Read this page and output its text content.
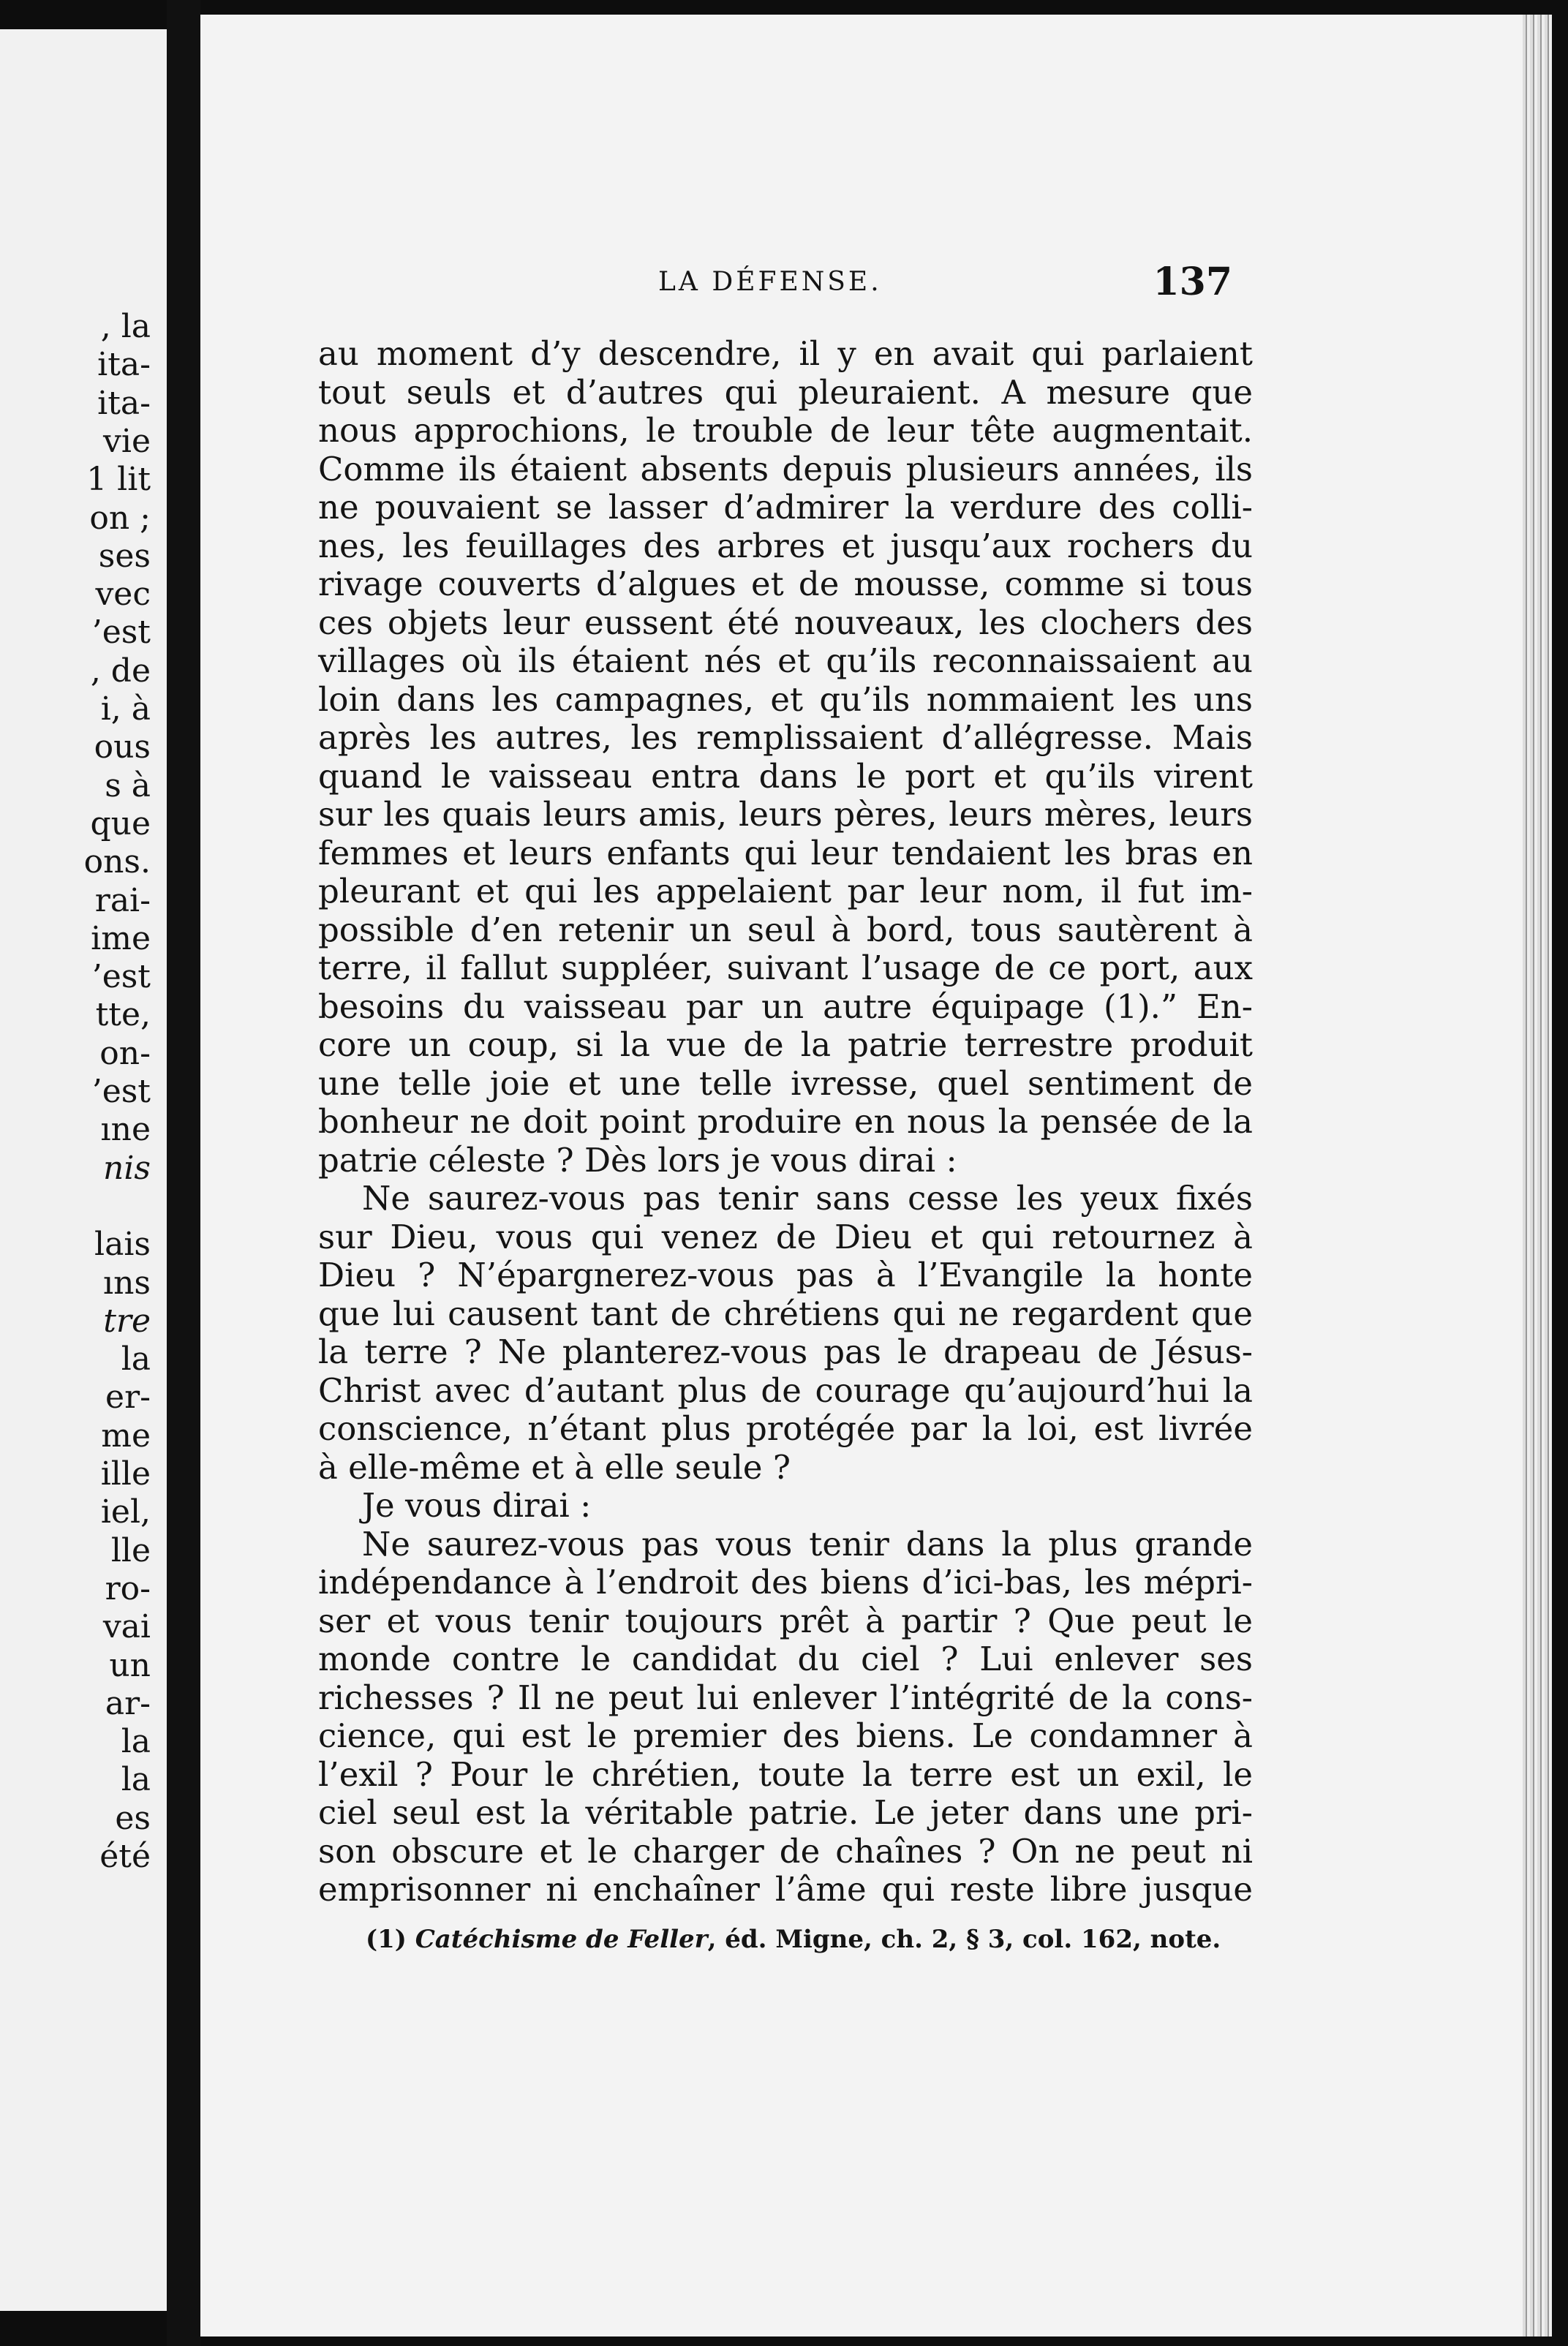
, la
ita-
ita-
vie
1 lit
on ;
ses
vec
’est
, de
i, à
ous
s à
que
ons.
rai-
ime
’est
tte,
on-
’est
ıne
nis
lais
ıns
tre
la
er-
me
ille
iel,
lle
ro-
vai
un
ar-
la
la
es
été
LA DÉFENSE.	137
au moment d’y descendre, il y en avait qui parlaient
tout seuls et d’autres qui pleuraient. A mesure que
nous approchions, le trouble de leur tête augmentait.
Comme ils étaient absents depuis plusieurs années, ils
ne pouvaient se lasser d’admirer la verdure des colli-
nes, les feuillages des arbres et jusqu’aux rochers du
rivage couverts d’algues et de mousse, comme si tous
ces objets leur eussent été nouveaux, les clochers des
villages où ils étaient nés et qu’ils reconnaissaient au
loin dans les campagnes, et qu’ils nommaient les uns
après les autres, les remplissaient d’allégresse. Mais
quand le vaisseau entra dans le port et qu’ils virent
sur les quais leurs amis, leurs pères, leurs mères, leurs
femmes et leurs enfants qui leur tendaient les bras en
pleurant et qui les appelaient par leur nom, il fut im-
possible d’en retenir un seul à bord, tous sautèrent à
terre, il fallut suppléer, suivant l’usage de ce port, aux
besoins du vaisseau par un autre équipage (1).” En-
core un coup, si la vue de la patrie terrestre produit
une telle joie et une telle ivresse, quel sentiment de
bonheur ne doit point produire en nous la pensée de la
patrie céleste ? Dès lors je vous dirai :
Ne saurez-vous pas tenir sans cesse les yeux fixés
sur Dieu, vous qui venez de Dieu et qui retournez à
Dieu ? N’épargnerez-vous pas à l’Evangile la honte
que lui causent tant de chrétiens qui ne regardent que
la terre ? Ne planterez-vous pas le drapeau de Jésus-
Christ avec d’autant plus de courage qu’aujourd’hui la
conscience, n’étant plus protégée par la loi, est livrée
à elle-même et à elle seule ?
Je vous dirai :
Ne saurez-vous pas vous tenir dans la plus grande
indépendance à l’endroit des biens d’ici-bas, les mépri-
ser et vous tenir toujours prêt à partir ? Que peut le
monde contre le candidat du ciel ? Lui enlever ses
richesses ? Il ne peut lui enlever l’intégrité de la cons-
cience, qui est le premier des biens. Le condamner à
l’exil ? Pour le chrétien, toute la terre est un exil, le
ciel seul est la véritable patrie. Le jeter dans une pri-
son obscure et le charger de chaînes ? On ne peut ni
emprisonner ni enchaîner l’âme qui reste libre jusque
(1) Catéchisme de Feller, éd. Migne, ch. 2, § 3, col. 162, note.
